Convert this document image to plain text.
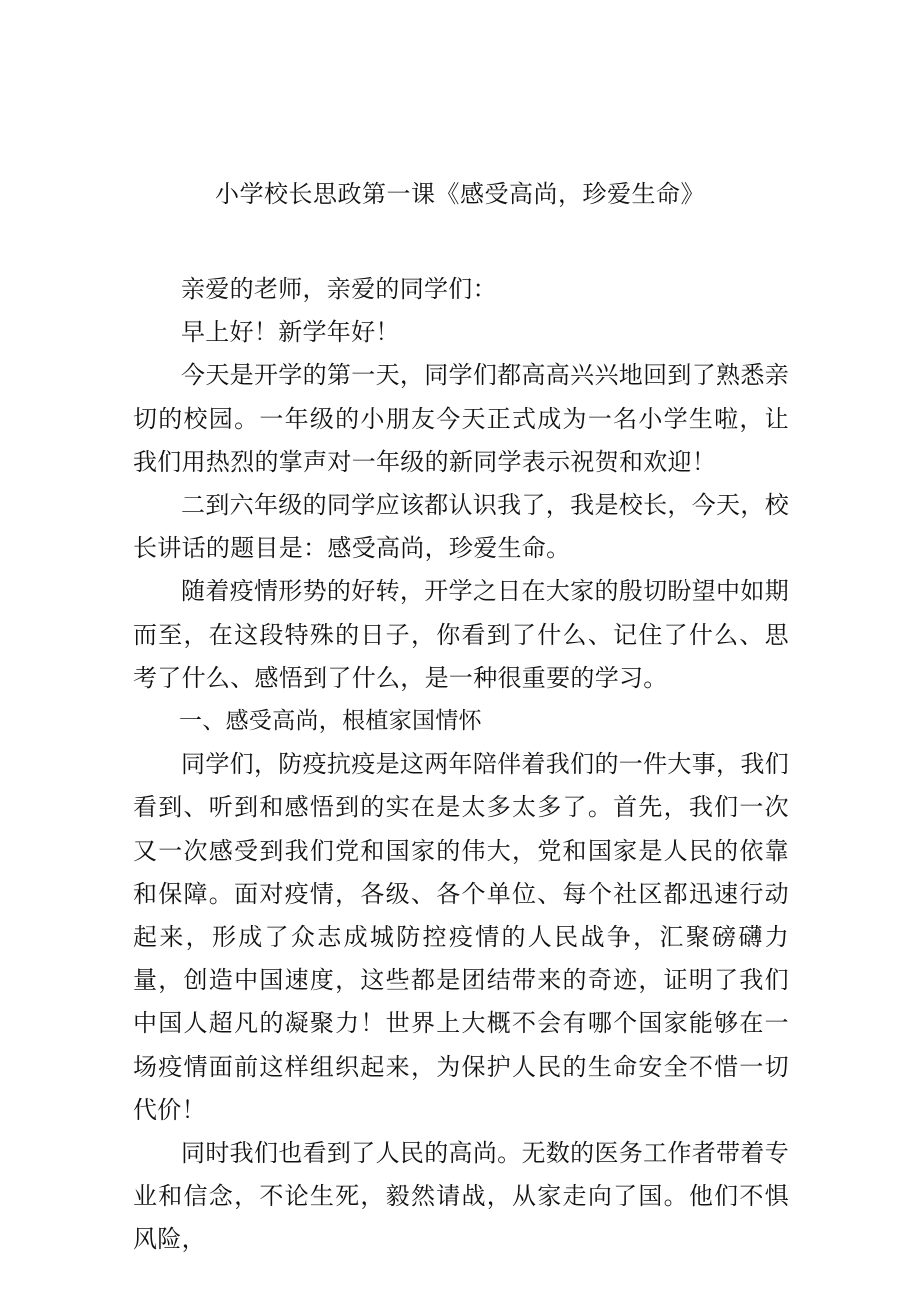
小学校长思政第一课《感受高尚，珍爱生命》

亲爱的老师，亲爱的同学们：

早上好！新学年好！

今天是开学的第一天，同学们都高高兴兴地回到了熟悉亲切的校园。一年级的小朋友今天正式成为一名小学生啦，让我们用热烈的掌声对一年级的新同学表示祝贺和欢迎！

二到六年级的同学应该都认识我了，我是校长，今天，校长讲话的题目是：感受高尚，珍爱生命。

随着疫情形势的好转，开学之日在大家的殷切盼望中如期而至，在这段特殊的日子，你看到了什么、记住了什么、思考了什么、感悟到了什么，是一种很重要的学习。

一、感受高尚，根植家国情怀

同学们，防疫抗疫是这两年陪伴着我们的一件大事，我们看到、听到和感悟到的实在是太多太多了。首先，我们一次又一次感受到我们党和国家的伟大，党和国家是人民的依靠和保障。面对疫情，各级、各个单位、每个社区都迅速行动起来，形成了众志成城防控疫情的人民战争，汇聚磅礴力量，创造中国速度，这些都是团结带来的奇迹，证明了我们中国人超凡的凝聚力！世界上大概不会有哪个国家能够在一场疫情面前这样组织起来，为保护人民的生命安全不惜一切代价！

同时我们也看到了人民的高尚。无数的医务工作者带着专业和信念，不论生死，毅然请战，从家走向了国。他们不惧风险，
